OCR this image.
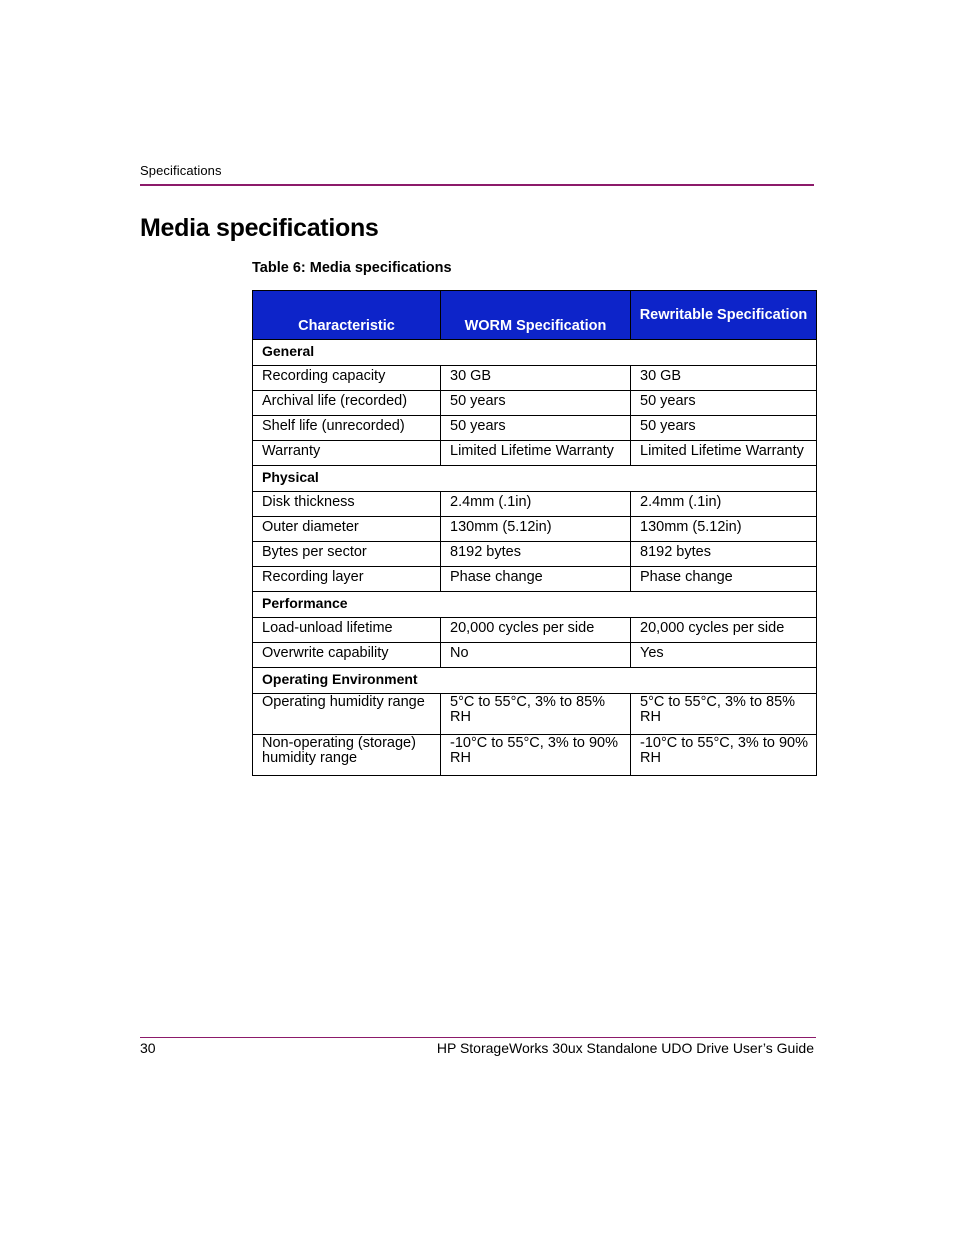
Specifications
Media specifications
Table 6: Media specifications
Characteristic	WORM Specification	Rewritable Specification
General		
Recording capacity	30 GB	30 GB
Archival life (recorded)	50 years	50 years
Shelf life (unrecorded)	50 years	50 years
Warranty	Limited Lifetime Warranty	Limited Lifetime Warranty
Physical		
Disk thickness	2.4mm (.1in)	2.4mm (.1in)
Outer diameter	130mm (5.12in)	130mm (5.12in)
Bytes per sector	8192 bytes	8192 bytes
Recording layer	Phase change	Phase change
Performance		
Load-unload lifetime	20,000 cycles per side	20,000 cycles per side
Overwrite capability	No	Yes
Operating Environment		
Operating humidity range	5°C to 55°C, 3% to 85% RH	5°C to 55°C, 3% to 85% RH
Non-operating (storage) humidity range	-10°C to 55°C, 3% to 90% RH	-10°C to 55°C, 3% to 90% RH
30	HP StorageWorks 30ux Standalone UDO Drive User’s Guide
